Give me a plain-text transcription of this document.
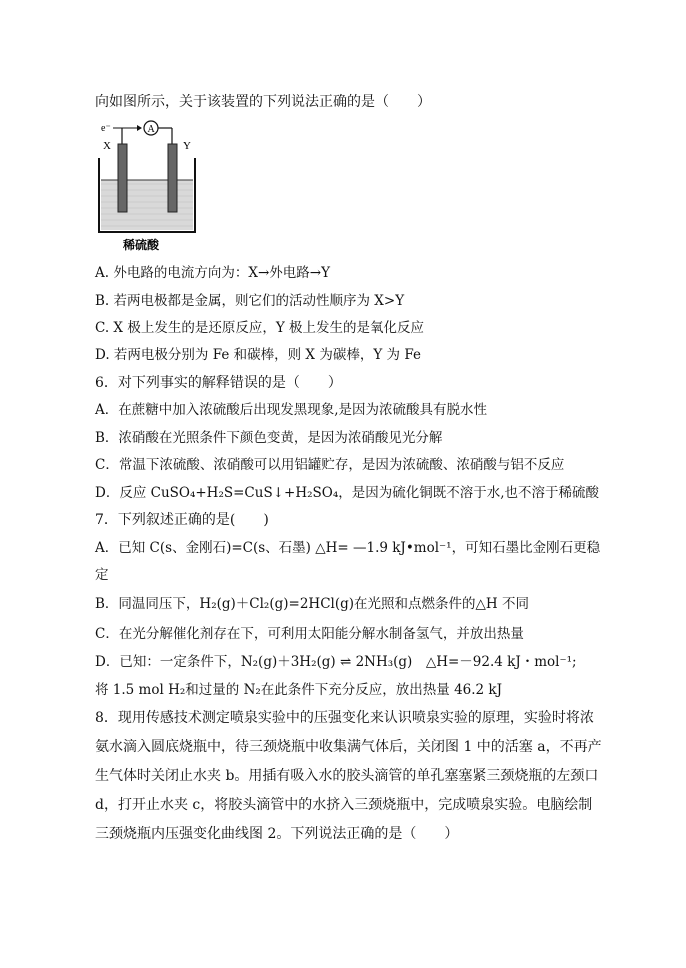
向如图所示，关于该装置的下列说法正确的是（　　）
e⁻	A
X	Y
稀硫酸
A. 外电路的电流方向为：X→外电路→Y
B. 若两电极都是金属，则它们的活动性顺序为 X>Y
C. X 极上发生的是还原反应，Y 极上发生的是氧化反应
D. 若两电极分别为 Fe 和碳棒，则 X 为碳棒，Y 为 Fe
6．对下列事实的解释错误的是（　　）
A．在蔗糖中加入浓硫酸后出现发黑现象,是因为浓硫酸具有脱水性
B．浓硝酸在光照条件下颜色变黄，是因为浓硝酸见光分解
C．常温下浓硫酸、浓硝酸可以用铝罐贮存，是因为浓硫酸、浓硝酸与铝不反应
D．反应 CuSO₄+H₂S=CuS↓+H₂SO₄，是因为硫化铜既不溶于水,也不溶于稀硫酸
7．下列叙述正确的是(　　)
A．已知 C(s、金刚石)=C(s、石墨) △H= —1.9 kJ•mol⁻¹，可知石墨比金刚石更稳
定
B．同温同压下，H₂(g)＋Cl₂(g)=2HCl(g)在光照和点燃条件的△H 不同
C．在光分解催化剂存在下，可利用太阳能分解水制备氢气，并放出热量
D．已知：一定条件下，N₂(g)＋3H₂(g) ⇌ 2NH₃(g)　△H=－92.4 kJ・mol⁻¹;
将 1.5 mol H₂和过量的 N₂在此条件下充分反应，放出热量 46.2 kJ
8．现用传感技术测定喷泉实验中的压强变化来认识喷泉实验的原理，实验时将浓
氨水滴入圆底烧瓶中，待三颈烧瓶中收集满气体后，关闭图 1 中的活塞 a，不再产
生气体时关闭止水夹 b。用插有吸入水的胶头滴管的单孔塞塞紧三颈烧瓶的左颈口
d，打开止水夹 c，将胶头滴管中的水挤入三颈烧瓶中，完成喷泉实验。电脑绘制
三颈烧瓶内压强变化曲线图 2。下列说法正确的是（　　）
